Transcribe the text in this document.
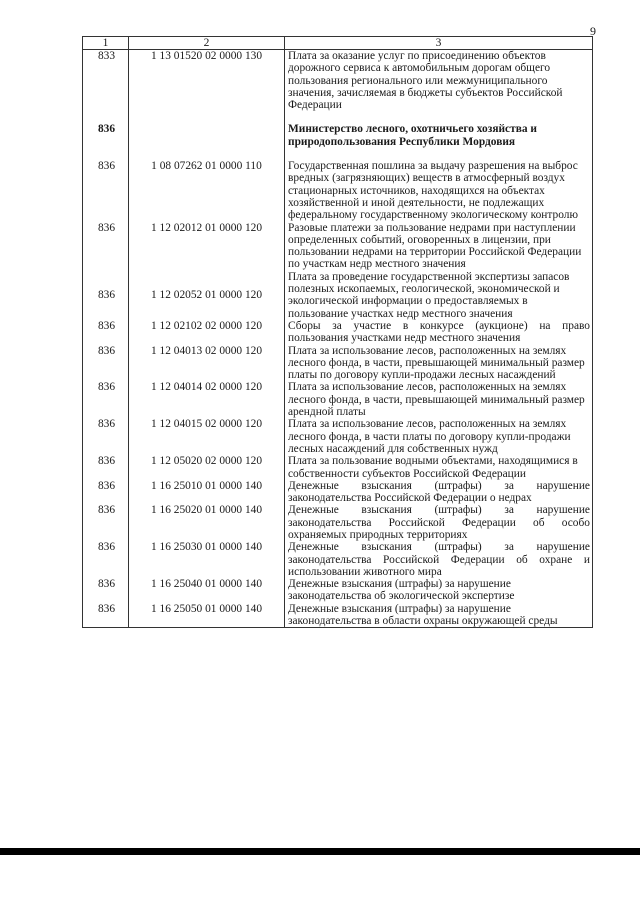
9
1	2	3
833	1 13 01520 02 0000 130	Плата за оказание услуг по присоединению объектов дорожного сервиса к автомобильным дорогам общего пользования регионального или межмуниципального значения, зачисляемая в бюджеты субъектов Российской Федерации

836		Министерство лесного, охотничьего хозяйства и природопользования Республики Мордовия

836	1 08 07262 01 0000 110	Государственная пошлина за выдачу разрешения на выброс вредных (загрязняющих) веществ в атмосферный воздух стационарных источников, находящихся на объектах хозяйственной и иной деятельности, не подлежащих федеральному государственному экологическому контролю
836	1 12 02012 01 0000 120	Разовые платежи за пользование недрами при наступлении определенных событий, оговоренных в лицензии, при пользовании недрами на территории Российской Федерации по участкам недр местного значения
836	1 12 02052 01 0000 120	Плата за проведение государственной экспертизы запасов полезных ископаемых, геологической, экономической и экологической информации о предоставляемых в пользование участках недр местного значения
836	1 12 02102 02 0000 120	Сборы за участие в конкурсе (аукционе) на право пользования участками недр местного значения
836	1 12 04013 02 0000 120	Плата за использование лесов, расположенных на землях лесного фонда, в части, превышающей минимальный размер платы по договору купли-продажи лесных насаждений
836	1 12 04014 02 0000 120	Плата за использование лесов, расположенных на землях лесного фонда, в части, превышающей минимальный размер арендной платы
836	1 12 04015 02 0000 120	Плата за использование лесов, расположенных на землях лесного фонда, в части платы по договору купли-продажи лесных насаждений для собственных нужд
836	1 12 05020 02 0000 120	Плата за пользование водными объектами, находящимися в собственности субъектов Российской Федерации
836	1 16 25010 01 0000 140	Денежные взыскания (штрафы) за нарушение законодательства Российской Федерации о недрах
836	1 16 25020 01 0000 140	Денежные взыскания (штрафы) за нарушение законодательства Российской Федерации об особо охраняемых природных территориях
836	1 16 25030 01 0000 140	Денежные взыскания (штрафы) за нарушение законодательства Российской Федерации об охране и использовании животного мира
836	1 16 25040 01 0000 140	Денежные взыскания (штрафы) за нарушение законодательства об экологической экспертизе
836	1 16 25050 01 0000 140	Денежные взыскания (штрафы) за нарушение законодательства в области охраны окружающей среды
